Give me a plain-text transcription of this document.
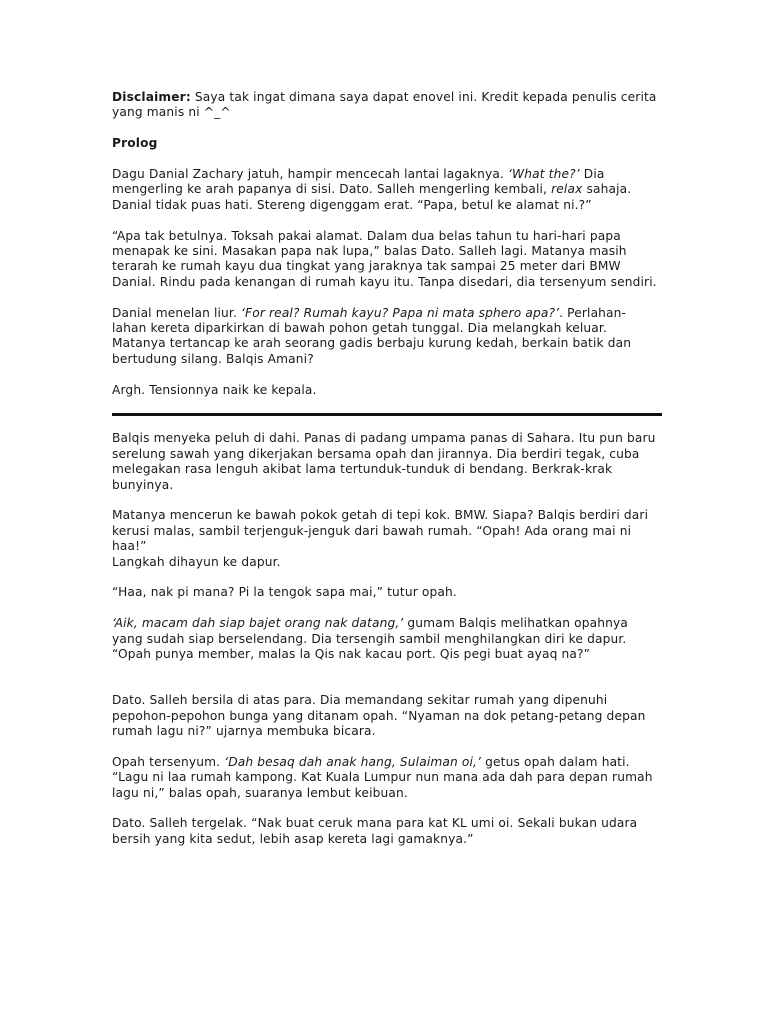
Disclaimer: Saya tak ingat dimana saya dapat enovel ini. Kredit kepada penulis cerita yang manis ni ^_^

Prolog

Dagu Danial Zachary jatuh, hampir mencecah lantai lagaknya. ‘What the?’ Dia mengerling ke arah papanya di sisi. Dato. Salleh mengerling kembali, relax sahaja. Danial tidak puas hati. Stereng digenggam erat. “Papa, betul ke alamat ni.?”

“Apa tak betulnya. Toksah pakai alamat. Dalam dua belas tahun tu hari-hari papa menapak ke sini. Masakan papa nak lupa,” balas Dato. Salleh lagi. Matanya masih terarah ke rumah kayu dua tingkat yang jaraknya tak sampai 25 meter dari BMW Danial. Rindu pada kenangan di rumah kayu itu. Tanpa disedari, dia tersenyum sendiri.

Danial menelan liur. ‘For real? Rumah kayu? Papa ni mata sphero apa?’. Perlahan-lahan kereta diparkirkan di bawah pohon getah tunggal. Dia melangkah keluar. Matanya tertancap ke arah seorang gadis berbaju kurung kedah, berkain batik dan bertudung silang. Balqis Amani?

Argh. Tensionnya naik ke kepala.

Balqis menyeka peluh di dahi. Panas di padang umpama panas di Sahara. Itu pun baru serelung sawah yang dikerjakan bersama opah dan jirannya. Dia berdiri tegak, cuba melegakan rasa lenguh akibat lama tertunduk-tunduk di bendang. Berkrak-krak bunyinya.

Matanya mencerun ke bawah pokok getah di tepi kok. BMW. Siapa? Balqis berdiri dari kerusi malas, sambil terjenguk-jenguk dari bawah rumah. “Opah! Ada orang mai ni haa!”
Langkah dihayun ke dapur.

“Haa, nak pi mana? Pi la tengok sapa mai,” tutur opah.

‘Aik, macam dah siap bajet orang nak datang,’ gumam Balqis melihatkan opahnya yang sudah siap berselendang. Dia tersengih sambil menghilangkan diri ke dapur.
“Opah punya member, malas la Qis nak kacau port. Qis pegi buat ayaq na?”

Dato. Salleh bersila di atas para. Dia memandang sekitar rumah yang dipenuhi pepohon-pepohon bunga yang ditanam opah. “Nyaman na dok petang-petang depan rumah lagu ni?” ujarnya membuka bicara.

Opah tersenyum. ‘Dah besaq dah anak hang, Sulaiman oi,’ getus opah dalam hati.
“Lagu ni laa rumah kampong. Kat Kuala Lumpur nun mana ada dah para depan rumah lagu ni,” balas opah, suaranya lembut keibuan.

Dato. Salleh tergelak. “Nak buat ceruk mana para kat KL umi oi. Sekali bukan udara bersih yang kita sedut, lebih asap kereta lagi gamaknya.”
